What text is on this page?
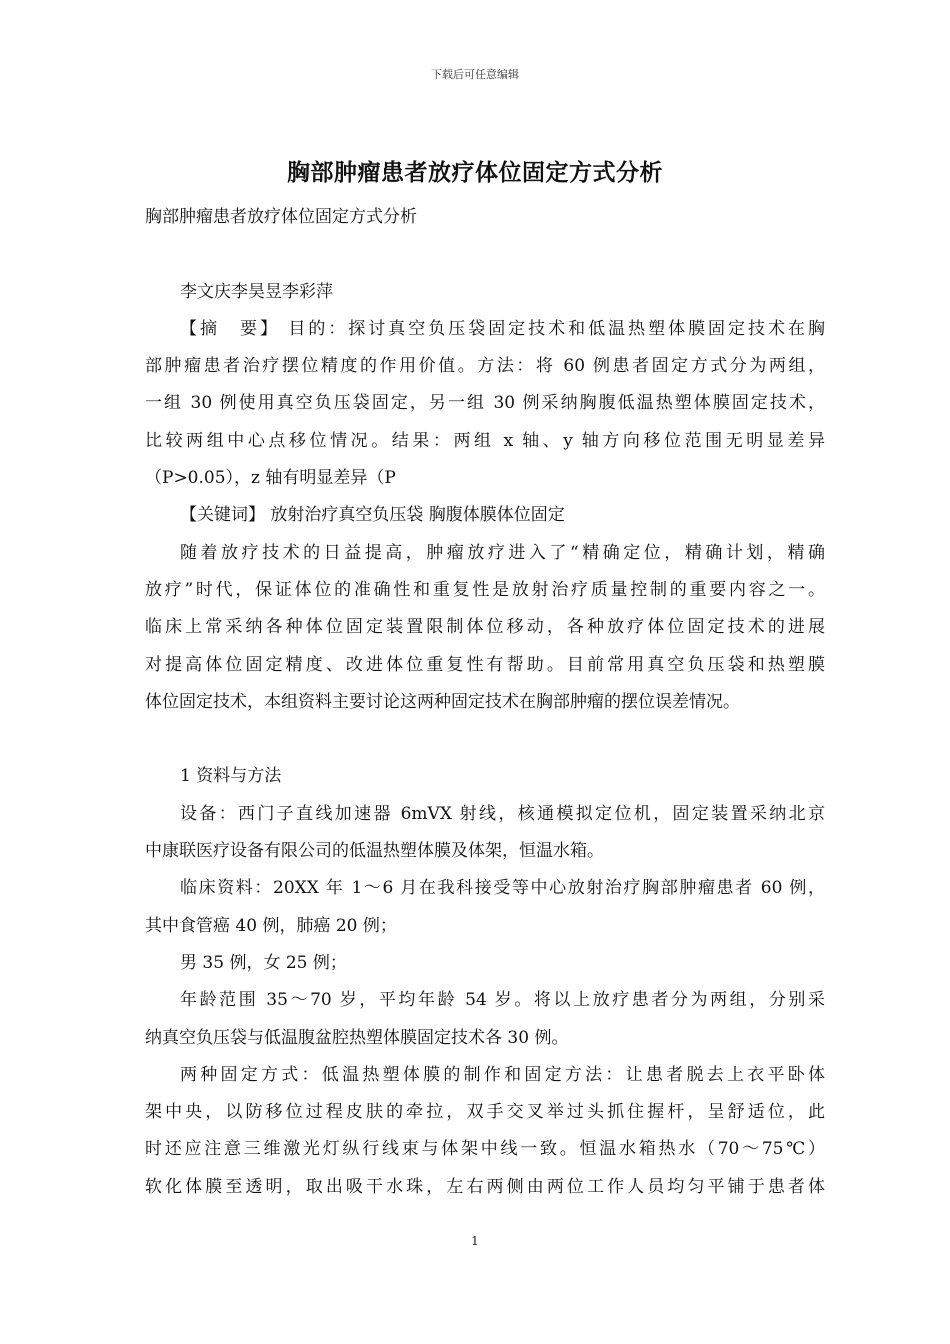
下载后可任意编辑
胸部肿瘤患者放疗体位固定方式分析
胸部肿瘤患者放疗体位固定方式分析
李文庆李昊昱李彩萍
【摘　要】 目的：探讨真空负压袋固定技术和低温热塑体膜固定技术在胸
部肿瘤患者治疗摆位精度的作用价值。方法：将 60 例患者固定方式分为两组，
一组 30 例使用真空负压袋固定，另一组 30 例采纳胸腹低温热塑体膜固定技术，
比较两组中心点移位情况。结果：两组 x 轴、y 轴方向移位范围无明显差异
（P>0.05），z 轴有明显差异（P
【关键词】 放射治疗真空负压袋 胸腹体膜体位固定
随着放疗技术的日益提高，肿瘤放疗进入了“精确定位，精确计划，精确
放疗”时代，保证体位的准确性和重复性是放射治疗质量控制的重要内容之一。
临床上常采纳各种体位固定装置限制体位移动，各种放疗体位固定技术的进展
对提高体位固定精度、改进体位重复性有帮助。目前常用真空负压袋和热塑膜
体位固定技术，本组资料主要讨论这两种固定技术在胸部肿瘤的摆位误差情况。
1 资料与方法
设备：西门子直线加速器 6mVX 射线，核通模拟定位机，固定装置采纳北京
中康联医疗设备有限公司的低温热塑体膜及体架，恒温水箱。
临床资料：20XX 年 1～6 月在我科接受等中心放射治疗胸部肿瘤患者 60 例，
其中食管癌 40 例，肺癌 20 例；
男 35 例，女 25 例；
年龄范围 35～70 岁，平均年龄 54 岁。将以上放疗患者分为两组，分别采
纳真空负压袋与低温腹盆腔热塑体膜固定技术各 30 例。
两种固定方式：低温热塑体膜的制作和固定方法：让患者脱去上衣平卧体
架中央，以防移位过程皮肤的牵拉，双手交叉举过头抓住握杆，呈舒适位，此
时还应注意三维激光灯纵行线束与体架中线一致。恒温水箱热水（70～75℃）
软化体膜至透明，取出吸干水珠，左右两侧由两位工作人员均匀平铺于患者体
1
